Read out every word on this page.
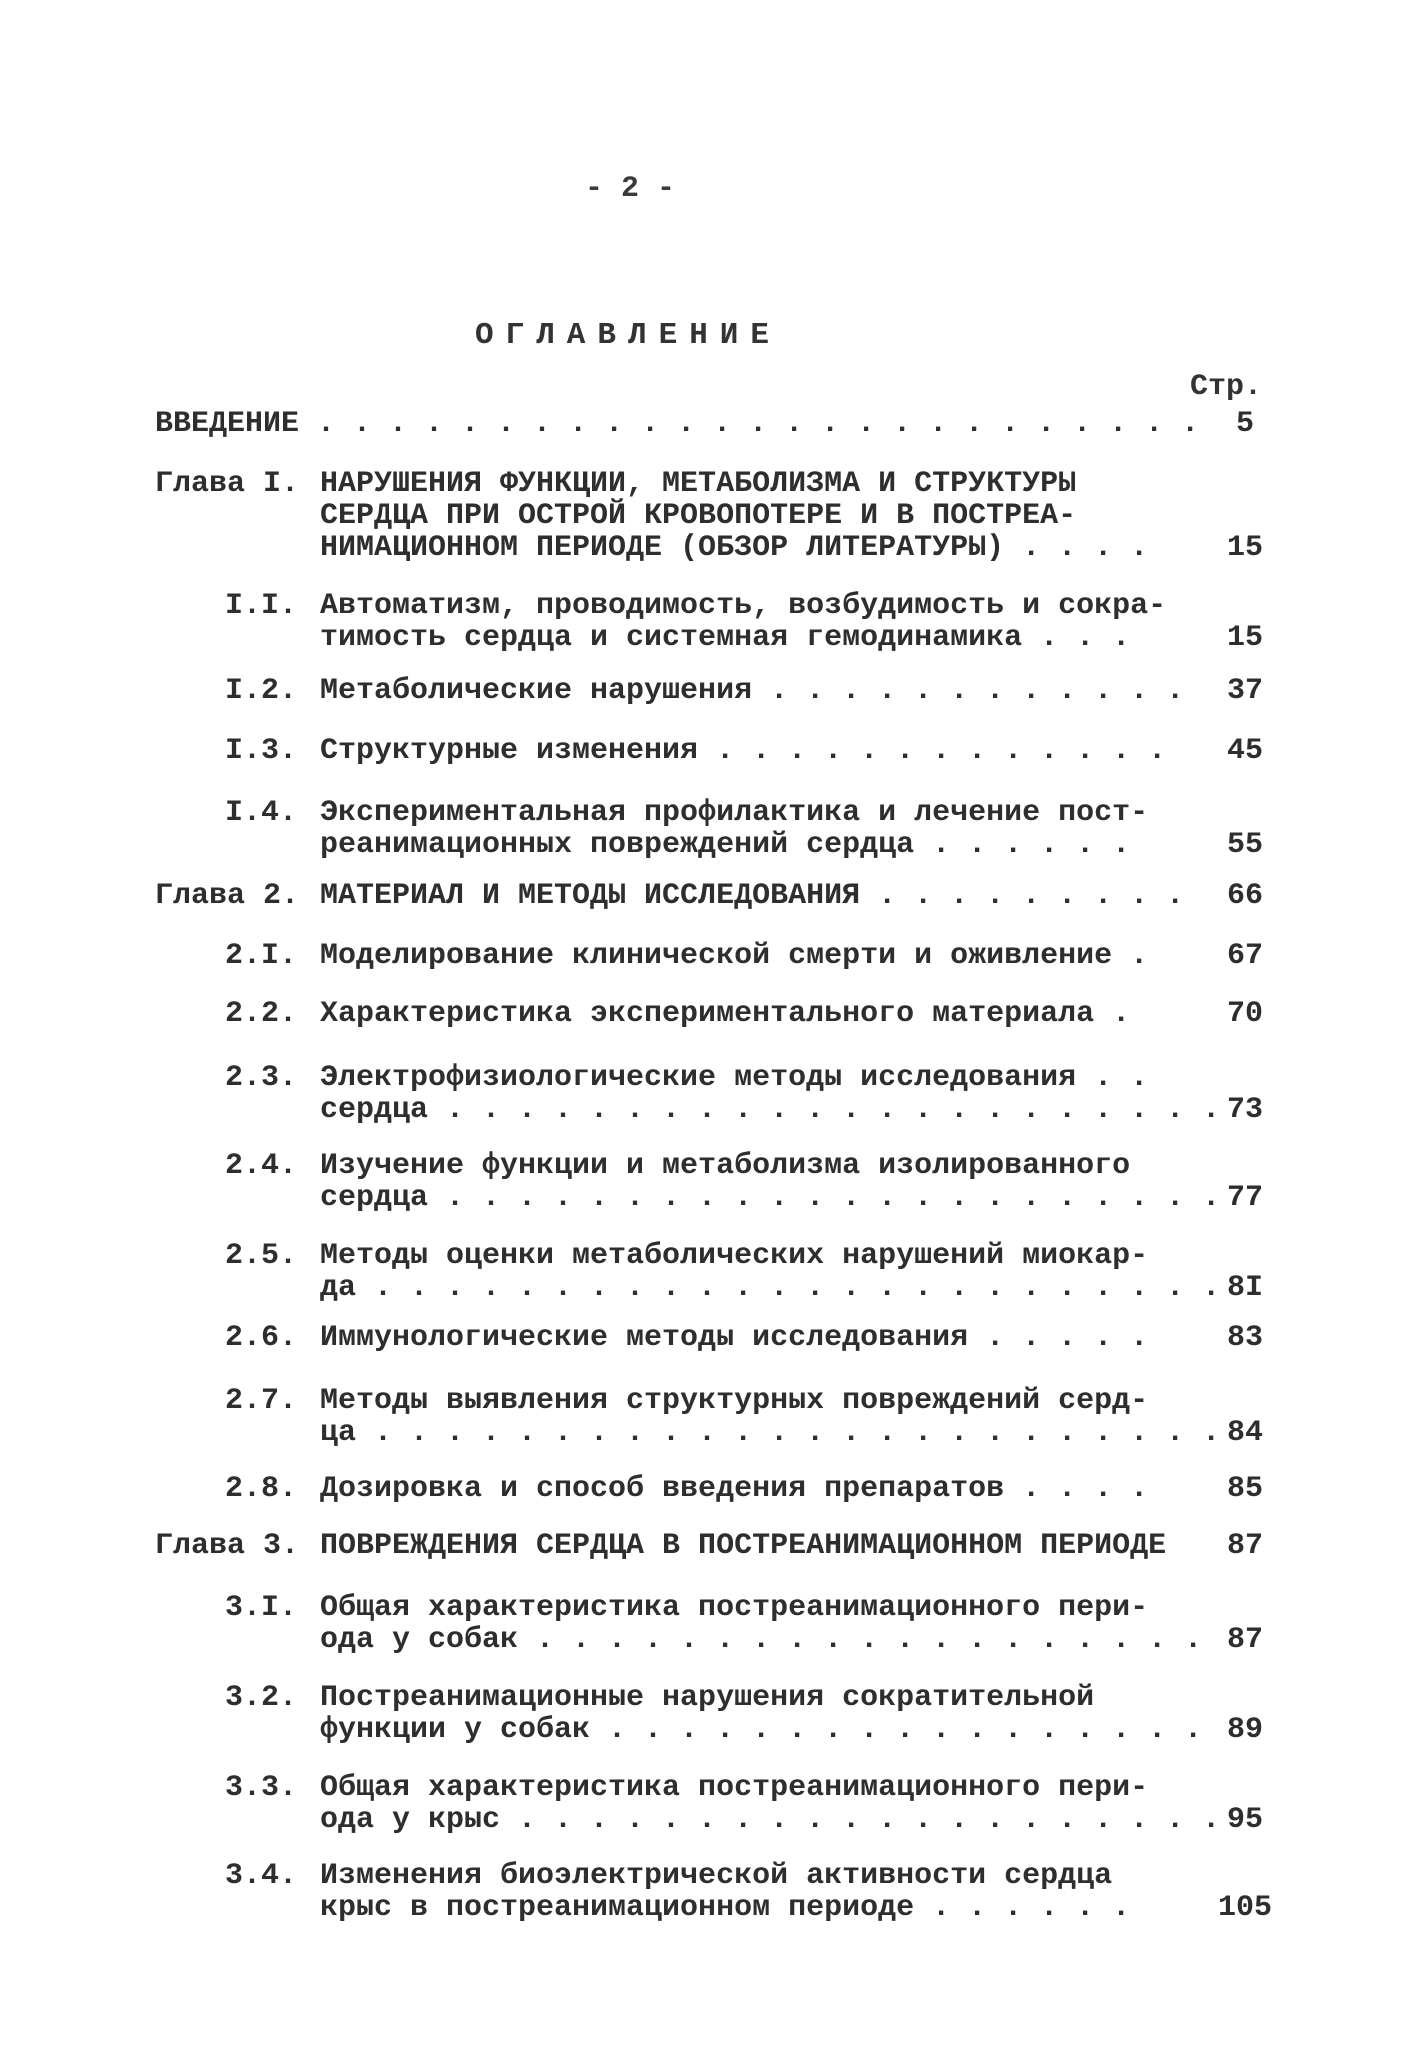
- 2 -
ОГЛАВЛЕНИЕ
Стр.
ВВЕДЕНИЕ . . . . . . . . . . . . . . . . . . . . . . . . .	5
Глава I. НАРУШЕНИЯ ФУНКЦИИ, МЕТАБОЛИЗМА И СТРУКТУРЫ
СЕРДЦА ПРИ ОСТРОЙ КРОВОПОТЕРЕ И В ПОСТРЕА-
НИМАЦИОННОМ ПЕРИОДЕ (ОБЗОР ЛИТЕРАТУРЫ) . . . .	15
I.I. Автоматизм, проводимость, возбудимость и сокра-
тимость сердца и системная гемодинамика . . .	15
I.2. Метаболические нарушения . . . . . . . . . . . .	37
I.3. Структурные изменения . . . . . . . . . . . . .	45
I.4. Экспериментальная профилактика и лечение пост-
реанимационных повреждений сердца . . . . . .	55
Глава 2. МАТЕРИАЛ И МЕТОДЫ ИССЛЕДОВАНИЯ . . . . . . . . .	66
2.I. Моделирование клинической смерти и оживление .	67
2.2. Характеристика экспериментального материала .	70
2.3. Электрофизиологические методы исследования . .
сердца . . . . . . . . . . . . . . . . . . . . . . 73
2.4. Изучение функции и метаболизма изолированного
сердца . . . . . . . . . . . . . . . . . . . . . . 77
2.5. Методы оценки метаболических нарушений миокар-
да . . . . . . . . . . . . . . . . . . . . . . . . 8I
2.6. Иммунологические методы исследования . . . . .	83
2.7. Методы выявления структурных повреждений серд-
ца . . . . . . . . . . . . . . . . . . . . . . . . 84
2.8. Дозировка и способ введения препаратов . . . .	85
Глава 3. ПОВРЕЖДЕНИЯ СЕРДЦА В ПОСТРЕАНИМАЦИОННОМ ПЕРИОДЕ	87
3.I. Общая характеристика постреанимационного пери-
ода у собак . . . . . . . . . . . . . . . . . . . 87
3.2. Постреанимационные нарушения сократительной
функции у собак . . . . . . . . . . . . . . . . . 89
3.3. Общая характеристика постреанимационного пери-
ода у крыс . . . . . . . . . . . . . . . . . . . . 95
3.4. Изменения биоэлектрической активности сердца
крыс в постреанимационном периоде . . . . . .	105
